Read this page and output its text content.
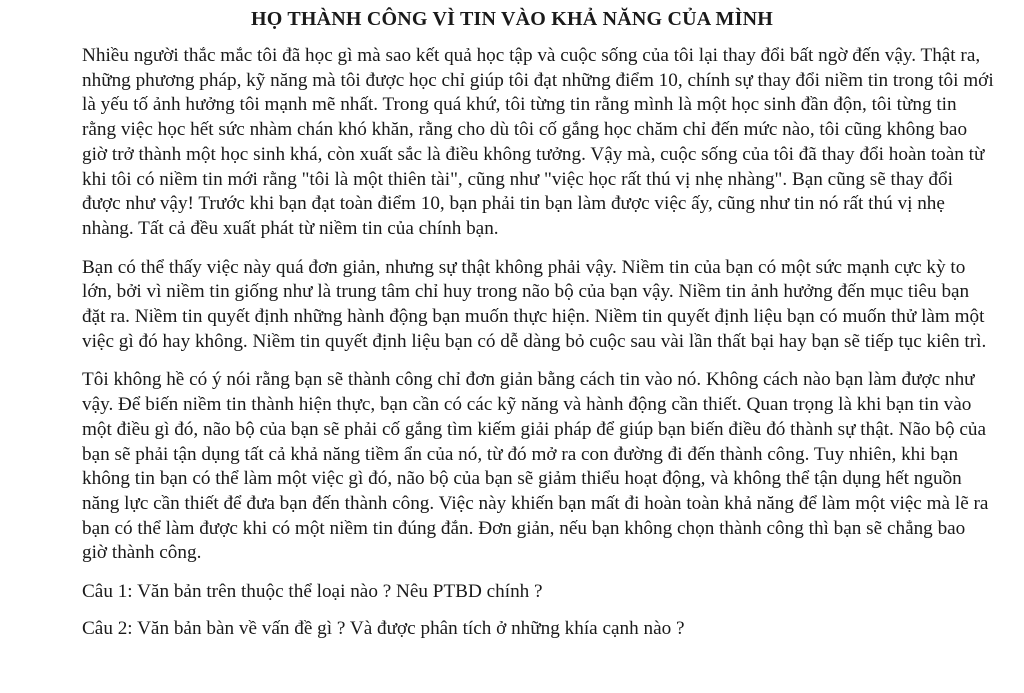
HỌ THÀNH CÔNG VÌ TIN VÀO KHẢ NĂNG CỦA MÌNH

Nhiều người thắc mắc tôi đã học gì mà sao kết quả học tập và cuộc sống của tôi lại thay đổi bất ngờ đến vậy. Thật ra, những phương pháp, kỹ năng mà tôi được học chỉ giúp tôi đạt những điểm 10, chính sự thay đổi niềm tin trong tôi mới là yếu tố ảnh hưởng tôi mạnh mẽ nhất. Trong quá khứ, tôi từng tin rằng mình là một học sinh đần độn, tôi từng tin rằng việc học hết sức nhàm chán khó khăn, rằng cho dù tôi cố gắng học chăm chỉ đến mức nào, tôi cũng không bao giờ trở thành một học sinh khá, còn xuất sắc là điều không tưởng. Vậy mà, cuộc sống của tôi đã thay đổi hoàn toàn từ khi tôi có niềm tin mới rằng "tôi là một thiên tài", cũng như "việc học rất thú vị nhẹ nhàng". Bạn cũng sẽ thay đổi được như vậy! Trước khi bạn đạt toàn điểm 10, bạn phải tin bạn làm được việc ấy, cũng như tin nó rất thú vị nhẹ nhàng. Tất cả đều xuất phát từ niềm tin của chính bạn.

Bạn có thể thấy việc này quá đơn giản, nhưng sự thật không phải vậy. Niềm tin của bạn có một sức mạnh cực kỳ to lớn, bởi vì niềm tin giống như là trung tâm chỉ huy trong não bộ của bạn vậy. Niềm tin ảnh hưởng đến mục tiêu bạn đặt ra. Niềm tin quyết định những hành động bạn muốn thực hiện. Niềm tin quyết định liệu bạn có muốn thử làm một việc gì đó hay không. Niềm tin quyết định liệu bạn có dễ dàng bỏ cuộc sau vài lần thất bại hay bạn sẽ tiếp tục kiên trì.

Tôi không hề có ý nói rằng bạn sẽ thành công chỉ đơn giản bằng cách tin vào nó. Không cách nào bạn làm được như vậy. Để biến niềm tin thành hiện thực, bạn cần có các kỹ năng và hành động cần thiết. Quan trọng là khi bạn tin vào một điều gì đó, não bộ của bạn sẽ phải cố gắng tìm kiếm giải pháp để giúp bạn biến điều đó thành sự thật. Não bộ của bạn sẽ phải tận dụng tất cả khả năng tiềm ẩn của nó, từ đó mở ra con đường đi đến thành công. Tuy nhiên, khi bạn không tin bạn có thể làm một việc gì đó, não bộ của bạn sẽ giảm thiểu hoạt động, và không thể tận dụng hết nguồn năng lực cần thiết để đưa bạn đến thành công. Việc này khiến bạn mất đi hoàn toàn khả năng để làm một việc mà lẽ ra bạn có thể làm được khi có một niềm tin đúng đắn. Đơn giản, nếu bạn không chọn thành công thì bạn sẽ chẳng bao giờ thành công.

Câu 1: Văn bản trên thuộc thể loại nào ? Nêu PTBD chính ?

Câu 2: Văn bản bàn về vấn đề gì ? Và được phân tích ở những khía cạnh nào ?
